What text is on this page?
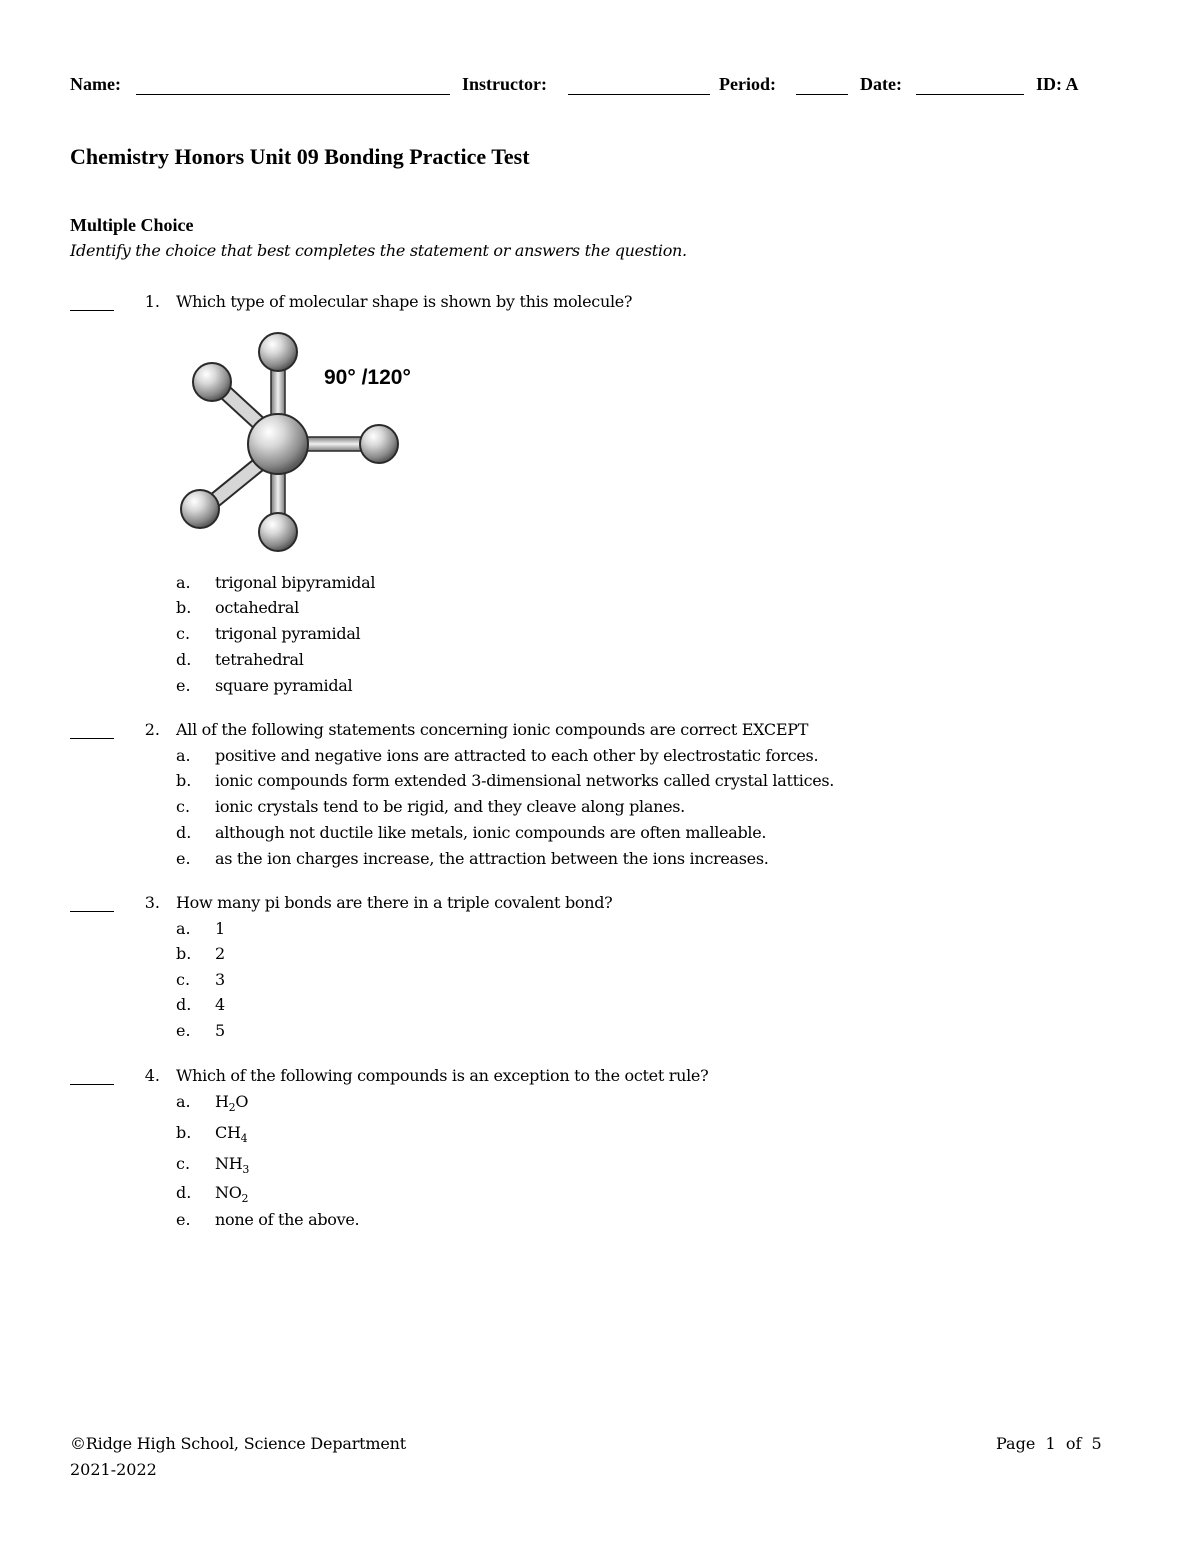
Name:	Instructor:	Period:	Date:	ID: A
Chemistry Honors Unit 09 Bonding Practice Test
Multiple Choice
Identify the choice that best completes the statement or answers the question.
1. Which type of molecular shape is shown by this molecule?
90° /120°
a. trigonal bipyramidal
b. octahedral
c. trigonal pyramidal
d. tetrahedral
e. square pyramidal
2. All of the following statements concerning ionic compounds are correct EXCEPT
a. positive and negative ions are attracted to each other by electrostatic forces.
b. ionic compounds form extended 3-dimensional networks called crystal lattices.
c. ionic crystals tend to be rigid, and they cleave along planes.
d. although not ductile like metals, ionic compounds are often malleable.
e. as the ion charges increase, the attraction between the ions increases.
3. How many pi bonds are there in a triple covalent bond?
a. 1
b. 2
c. 3
d. 4
e. 5
4. Which of the following compounds is an exception to the octet rule?
a. $H_2O$
b. $CH_4$
c. $NH_3$
d. $NO_2$
e. none of the above.
©Ridge High School, Science Department
2021-2022
Page  1  of  5
